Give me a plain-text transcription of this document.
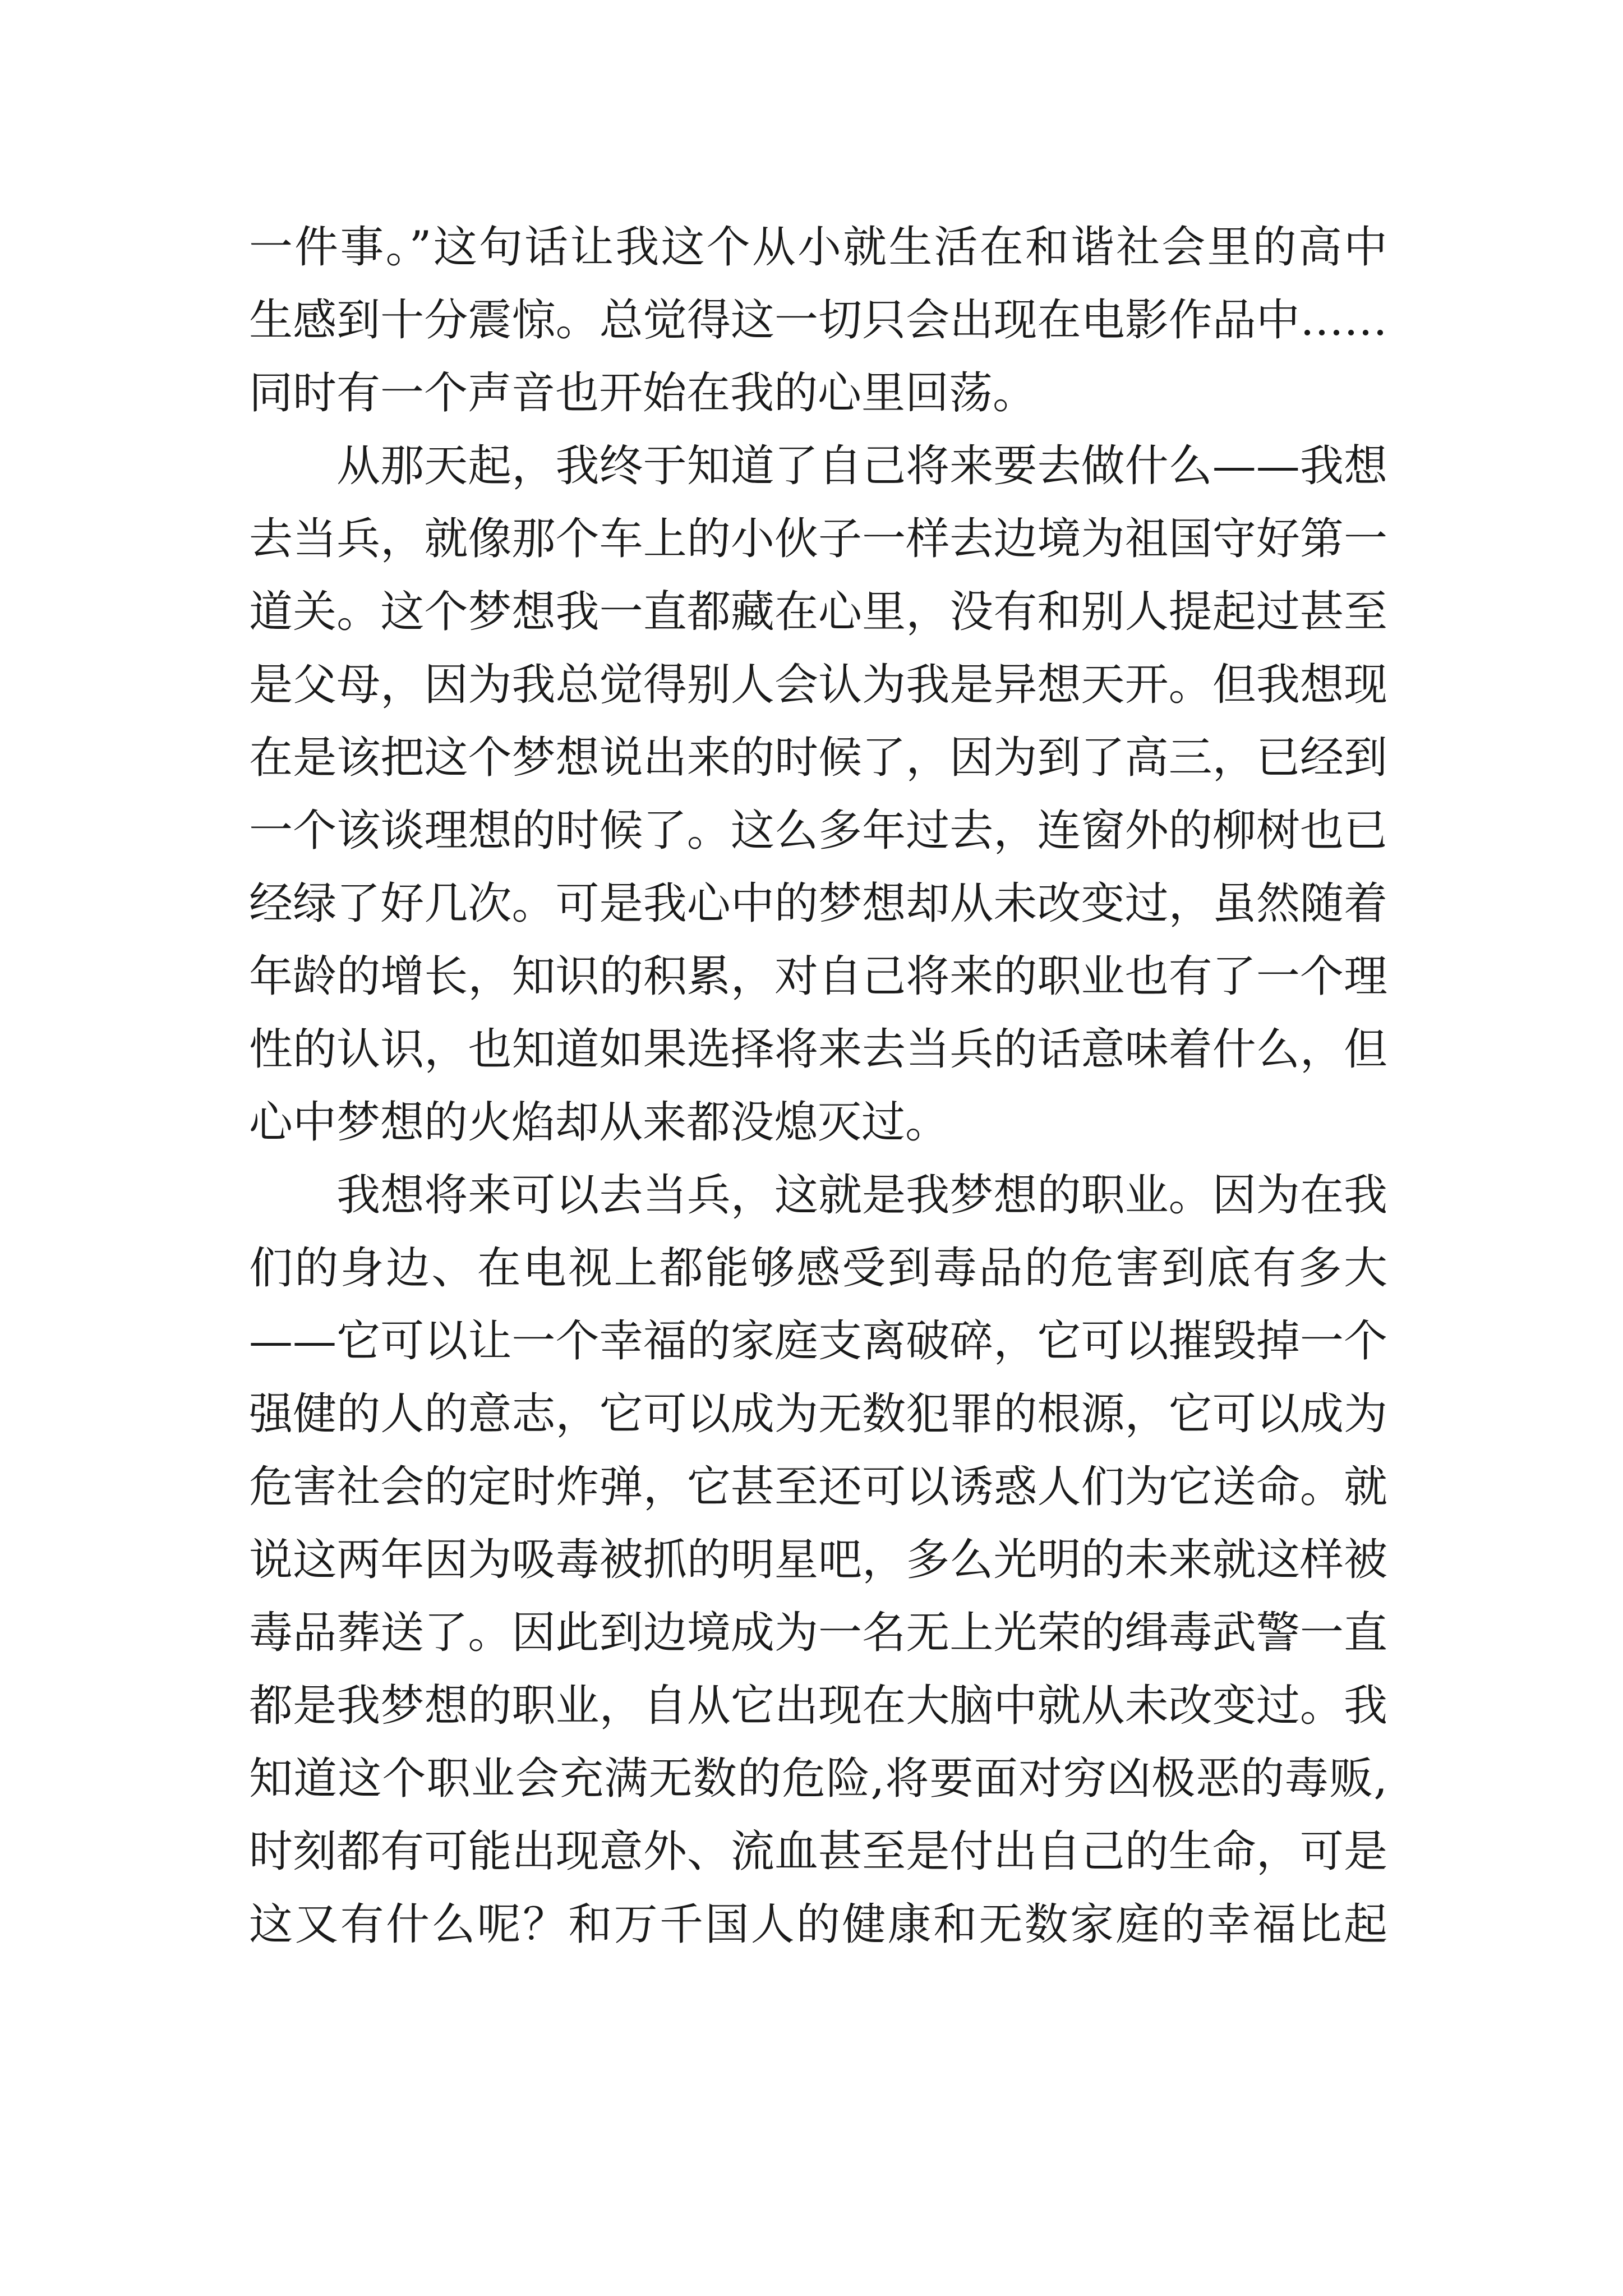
一件事。”这句话让我这个从小就生活在和谐社会里的高中
生感到十分震惊。总觉得这一切只会出现在电影作品中……
同时有一个声音也开始在我的心里回荡。
从那天起，我终于知道了自己将来要去做什么——我想
去当兵，就像那个车上的小伙子一样去边境为祖国守好第一
道关。这个梦想我一直都藏在心里，没有和别人提起过甚至
是父母，因为我总觉得别人会认为我是异想天开。但我想现
在是该把这个梦想说出来的时候了，因为到了高三，已经到
一个该谈理想的时候了。这么多年过去，连窗外的柳树也已
经绿了好几次。可是我心中的梦想却从未改变过，虽然随着
年龄的增长，知识的积累，对自己将来的职业也有了一个理
性的认识，也知道如果选择将来去当兵的话意味着什么，但
心中梦想的火焰却从来都没熄灭过。
我想将来可以去当兵，这就是我梦想的职业。因为在我
们的身边、在电视上都能够感受到毒品的危害到底有多大
——它可以让一个幸福的家庭支离破碎，它可以摧毁掉一个
强健的人的意志，它可以成为无数犯罪的根源，它可以成为
危害社会的定时炸弹，它甚至还可以诱惑人们为它送命。就
说这两年因为吸毒被抓的明星吧，多么光明的未来就这样被
毒品葬送了。因此到边境成为一名无上光荣的缉毒武警一直
都是我梦想的职业，自从它出现在大脑中就从未改变过。我
知道这个职业会充满无数的危险,将要面对穷凶极恶的毒贩,
时刻都有可能出现意外、流血甚至是付出自己的生命，可是
这又有什么呢？和万千国人的健康和无数家庭的幸福比起
